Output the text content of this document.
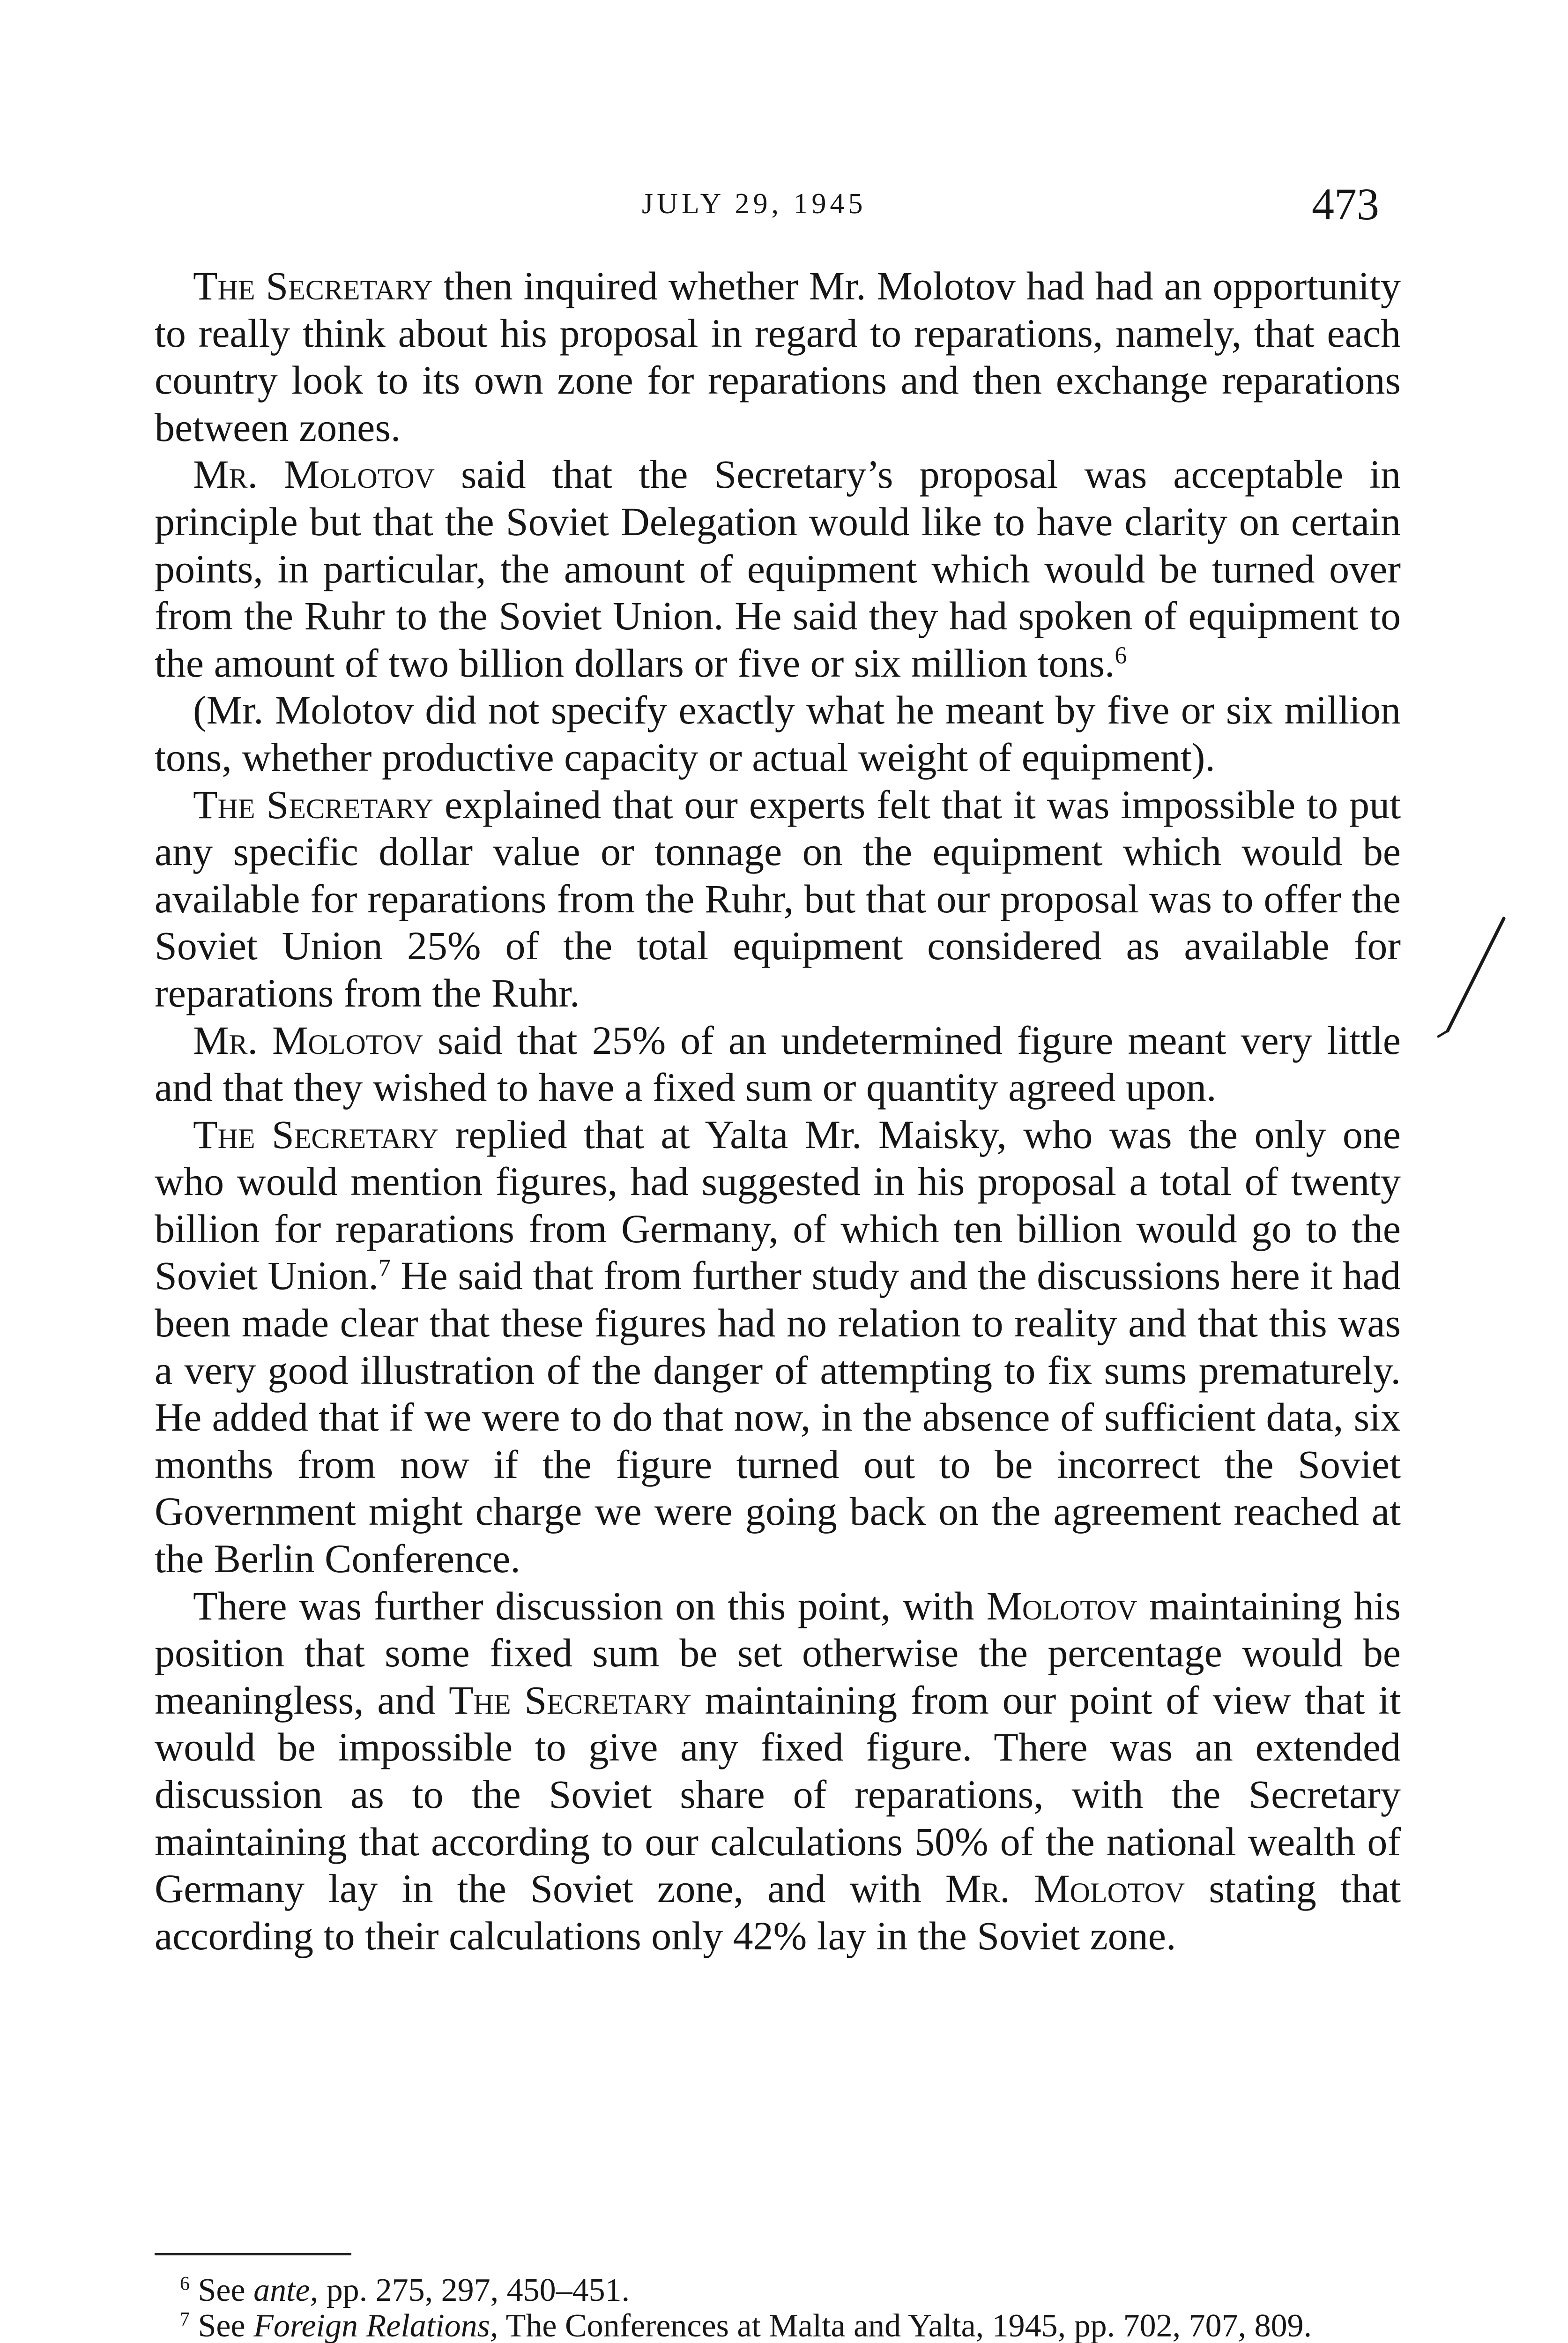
JULY 29, 1945	473

The Secretary then inquired whether Mr. Molotov had had an opportunity to really think about his proposal in regard to reparations, namely, that each country look to its own zone for reparations and then exchange reparations between zones.

Mr. Molotov said that the Secretary’s proposal was acceptable in principle but that the Soviet Delegation would like to have clarity on certain points, in particular, the amount of equipment which would be turned over from the Ruhr to the Soviet Union. He said they had spoken of equipment to the amount of two billion dollars or five or six million tons.$^6$

(Mr. Molotov did not specify exactly what he meant by five or six million tons, whether productive capacity or actual weight of equipment).

The Secretary explained that our experts felt that it was impossible to put any specific dollar value or tonnage on the equipment which would be available for reparations from the Ruhr, but that our proposal was to offer the Soviet Union 25% of the total equipment considered as available for reparations from the Ruhr.

Mr. Molotov said that 25% of an undetermined figure meant very little and that they wished to have a fixed sum or quantity agreed upon.

The Secretary replied that at Yalta Mr. Maisky, who was the only one who would mention figures, had suggested in his proposal a total of twenty billion for reparations from Germany, of which ten billion would go to the Soviet Union.$^7$ He said that from further study and the discussions here it had been made clear that these figures had no relation to reality and that this was a very good illustration of the danger of attempting to fix sums prematurely. He added that if we were to do that now, in the absence of sufficient data, six months from now if the figure turned out to be incorrect the Soviet Government might charge we were going back on the agreement reached at the Berlin Conference.

There was further discussion on this point, with Molotov maintaining his position that some fixed sum be set otherwise the percentage would be meaningless, and The Secretary maintaining from our point of view that it would be impossible to give any fixed figure. There was an extended discussion as to the Soviet share of reparations, with the Secretary maintaining that according to our calculations 50% of the national wealth of Germany lay in the Soviet zone, and with Mr. Molotov stating that according to their calculations only 42% lay in the Soviet zone.

$^6$ See ante, pp. 275, 297, 450–451.

$^7$ See Foreign Relations, The Conferences at Malta and Yalta, 1945, pp. 702, 707, 809.
